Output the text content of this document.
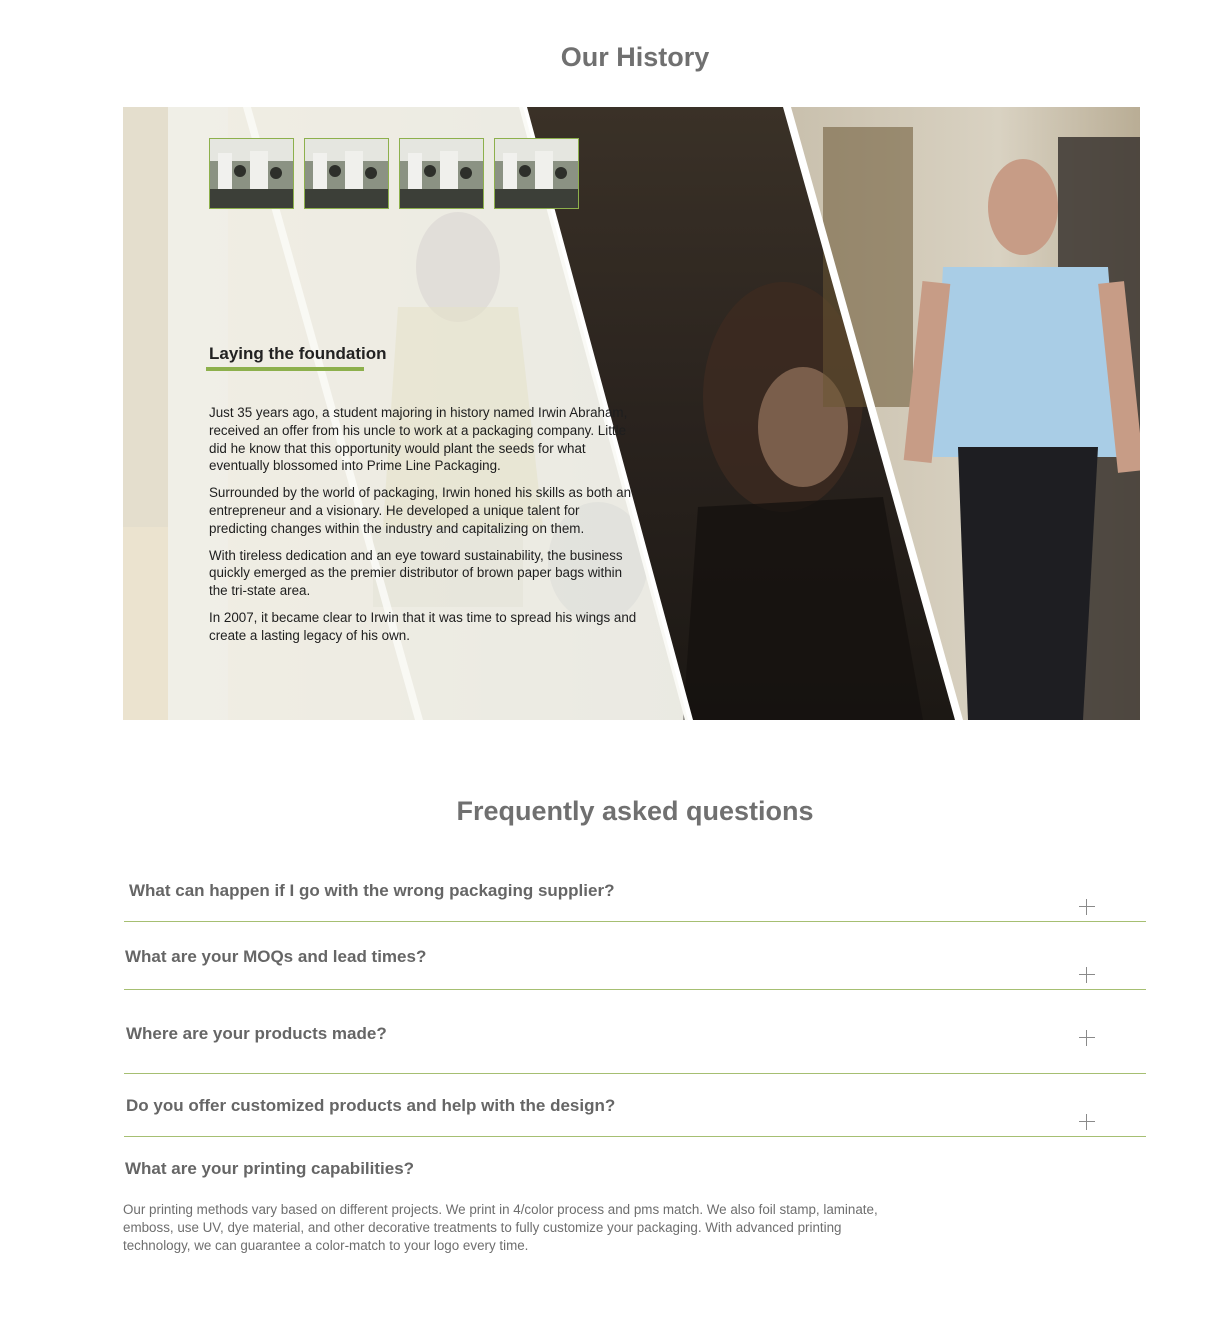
Our History
Laying the foundation

Just 35 years ago, a student majoring in history named Irwin Abraham, received an offer from his uncle to work at a packaging company. Little did he know that this opportunity would plant the seeds for what eventually blossomed into Prime Line Packaging.

Surrounded by the world of packaging, Irwin honed his skills as both an entrepreneur and a visionary. He developed a unique talent for predicting changes within the industry and capitalizing on them.

With tireless dedication and an eye toward sustainability, the business quickly emerged as the premier distributor of brown paper bags within the tri-state area.

In 2007, it became clear to Irwin that it was time to spread his wings and create a lasting legacy of his own.

Frequently asked questions
What can happen if I go with the wrong packaging supplier?
What are your MOQs and lead times?
Where are your products made?
Do you offer customized products and help with the design?
What are your printing capabilities?

Our printing methods vary based on different projects. We print in 4/color process and pms match. We also foil stamp, laminate, emboss, use UV, dye material, and other decorative treatments to fully customize your packaging. With advanced printing technology, we can guarantee a color-match to your logo every time.
